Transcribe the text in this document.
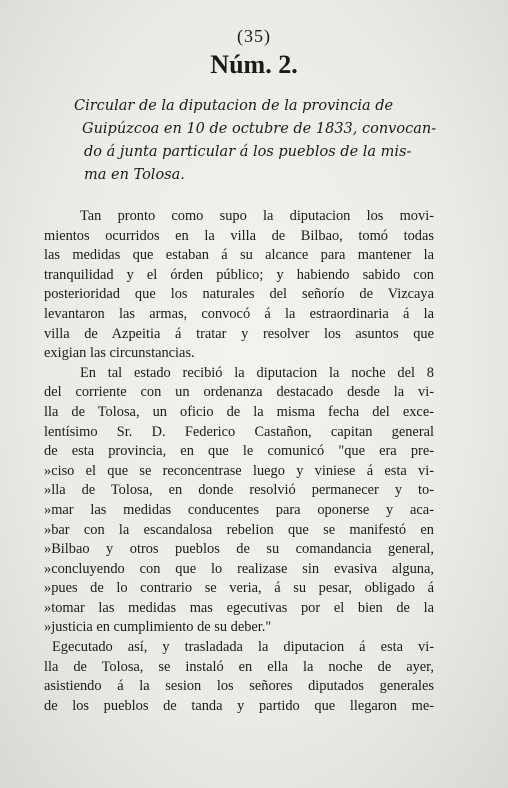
(35)
Núm. 2.
Circular de la diputacion de la provincia de
Guipúzcoa en 10 de octubre de 1833, convocan-
do á junta particular á los pueblos de la mis-
ma en Tolosa.
Tan pronto como supo la diputacion los movi-
mientos ocurridos en la villa de Bilbao, tomó todas
las medidas que estaban á su alcance para mantener la
tranquilidad y el órden público; y habiendo sabido con
posterioridad que los naturales del señorío de Vizcaya
levantaron las armas, convocó á la estraordinaria á la
villa de Azpeitia á tratar y resolver los asuntos que
exigian las circunstancias.
En tal estado recibió la diputacion la noche del 8
del corriente con un ordenanza destacado desde la vi-
lla de Tolosa, un oficio de la misma fecha del exce-
lentísimo Sr. D. Federico Castañon, capitan general
de esta provincia, en que le comunicó "que era pre-
»ciso el que se reconcentrase luego y viniese á esta vi-
»lla de Tolosa, en donde resolvió permanecer y to-
»mar las medidas conducentes para oponerse y aca-
»bar con la escandalosa rebelion que se manifestó en
»Bilbao y otros pueblos de su comandancia general,
»concluyendo con que lo realizase sin evasiva alguna,
»pues de lo contrario se veria, á su pesar, obligado á
»tomar las medidas mas egecutivas por el bien de la
»justicia en cumplimiento de su deber."
Egecutado así, y trasladada la diputacion á esta vi-
lla de Tolosa, se instaló en ella la noche de ayer,
asistiendo á la sesion los señores diputados generales
de los pueblos de tanda y partido que llegaron me-
